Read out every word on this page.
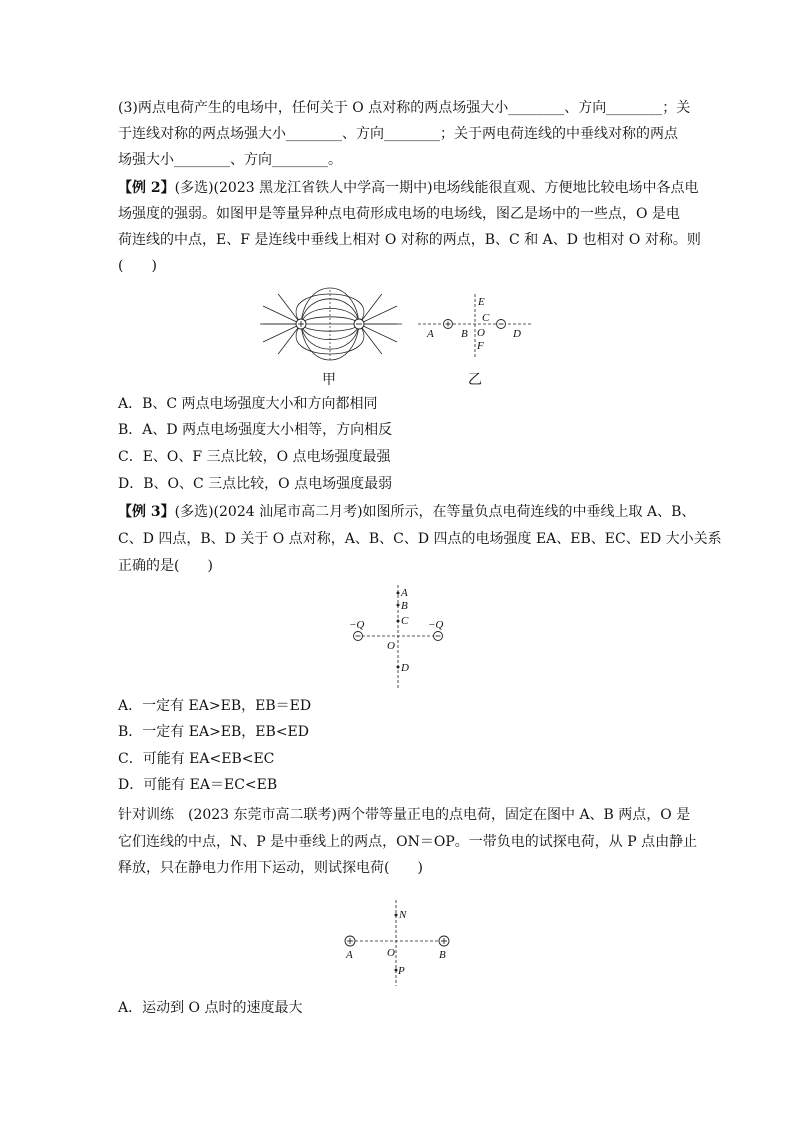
(3)两点电荷产生的电场中，任何关于 O 点对称的两点场强大小________、方向________；关
于连线对称的两点场强大小________、方向________；关于两电荷连线的中垂线对称的两点
场强大小________、方向________。
【例 2】(多选)(2023 黑龙江省铁人中学高一期中)电场线能很直观、方便地比较电场中各点电
场强度的强弱。如图甲是等量异种点电荷形成电场的电场线，图乙是场中的一些点，O 是电
荷连线的中点，E、F 是连线中垂线上相对 O 对称的两点，B、C 和 A、D 也相对 O 对称。则
(　　)
甲
A B
E
C
O	D
F
乙
A．B、C 两点电场强度大小和方向都相同
B．A、D 两点电场强度大小相等，方向相反
C．E、O、F 三点比较，O 点电场强度最强
D．B、O、C 三点比较，O 点电场强度最弱
【例 3】(多选)(2024 汕尾市高二月考)如图所示，在等量负点电荷连线的中垂线上取 A、B、
C、D 四点，B、D 关于 O 点对称，A、B、C、D 四点的电场强度 EA、EB、EC、ED 大小关系
正确的是(　　)
−Q	−Q
A
B
C
O
D
A．一定有 EA>EB，EB＝ED
B．一定有 EA>EB，EB<ED
C．可能有 EA<EB<EC
D．可能有 EA＝EC<EB
针对训练　(2023 东莞市高二联考)两个带等量正电的点电荷，固定在图中 A、B 两点，O 是
它们连线的中点，N、P 是中垂线上的两点，ON＝OP。一带负电的试探电荷，从 P 点由静止
释放，只在静电力作用下运动，则试探电荷(　　)
N
A	O	B
P
A．运动到 O 点时的速度最大
